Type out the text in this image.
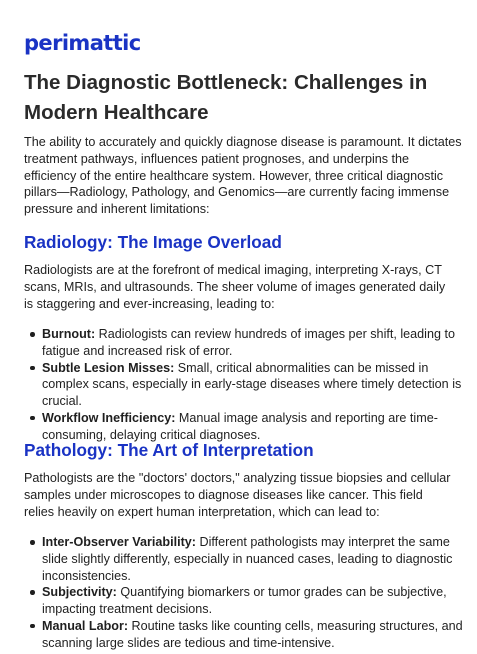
perimattic
The Diagnostic Bottleneck: Challenges in Modern Healthcare

The ability to accurately and quickly diagnose disease is paramount. It dictates treatment pathways, influences patient prognoses, and underpins the efficiency of the entire healthcare system. However, three critical diagnostic pillars—Radiology, Pathology, and Genomics—are currently facing immense pressure and inherent limitations:

Radiology: The Image Overload

Radiologists are at the forefront of medical imaging, interpreting X-rays, CT scans, MRIs, and ultrasounds. The sheer volume of images generated daily is staggering and ever-increasing, leading to:

Burnout: Radiologists can review hundreds of images per shift, leading to fatigue and increased risk of error.
Subtle Lesion Misses: Small, critical abnormalities can be missed in complex scans, especially in early-stage diseases where timely detection is crucial.
Workflow Inefficiency: Manual image analysis and reporting are time-consuming, delaying critical diagnoses.
Pathology: The Art of Interpretation

Pathologists are the "doctors' doctors," analyzing tissue biopsies and cellular samples under microscopes to diagnose diseases like cancer. This field relies heavily on expert human interpretation, which can lead to:

Inter-Observer Variability: Different pathologists may interpret the same slide slightly differently, especially in nuanced cases, leading to diagnostic inconsistencies.
Subjectivity: Quantifying biomarkers or tumor grades can be subjective, impacting treatment decisions.
Manual Labor: Routine tasks like counting cells, measuring structures, and scanning large slides are tedious and time-intensive.
